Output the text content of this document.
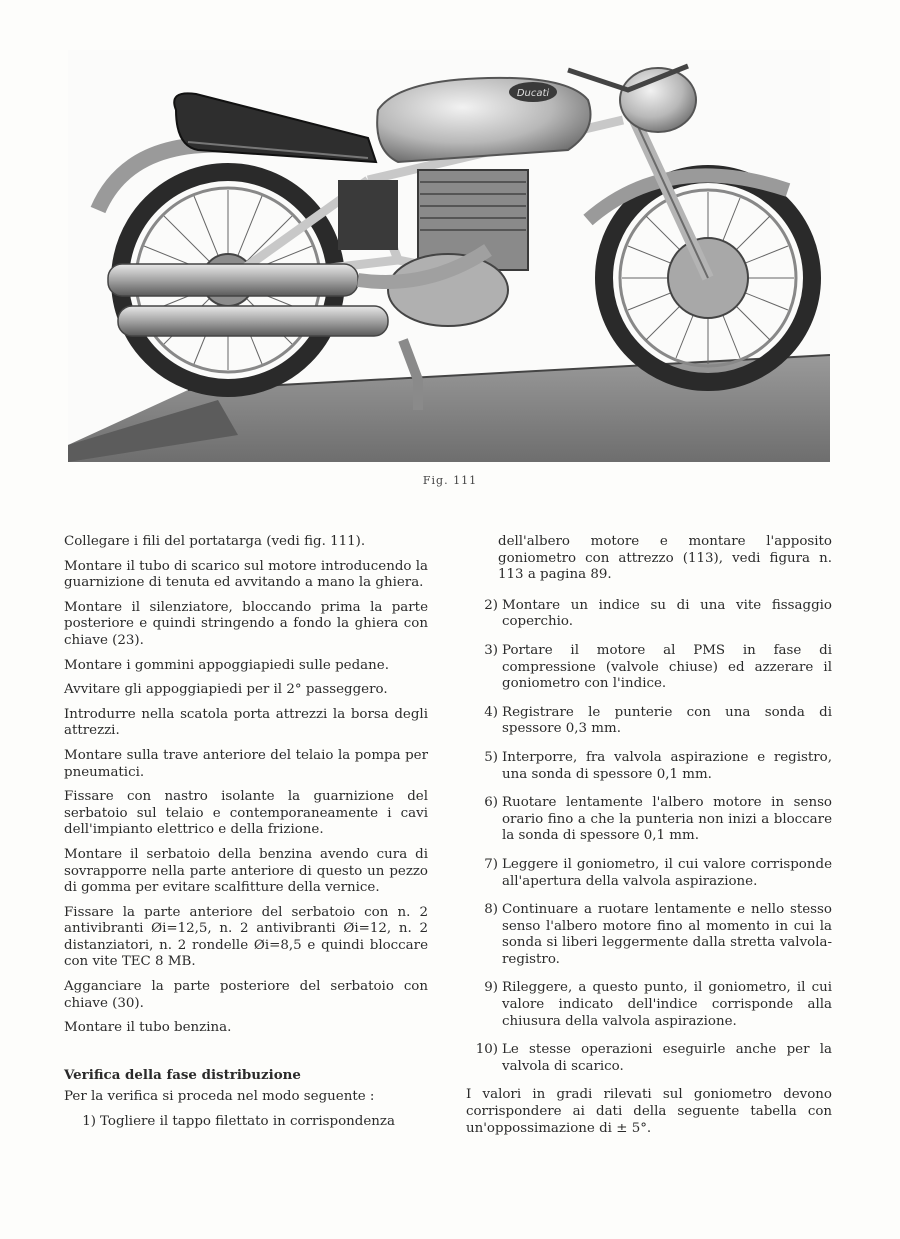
Ducati
Fig. 111

Collegare i fili del portatarga (vedi fig. 111).

Montare il tubo di scarico sul motore introducendo la guarnizione di tenuta ed avvitando a mano la ghiera.

Montare il silenziatore, bloccando prima la parte posteriore e quindi stringendo a fondo la ghiera con chiave (23).

Montare i gommini appoggiapiedi sulle pedane.

Avvitare gli appoggiapiedi per il 2° passeggero.

Introdurre nella scatola porta attrezzi la borsa degli attrezzi.

Montare sulla trave anteriore del telaio la pompa per pneumatici.

Fissare con nastro isolante la guarnizione del serbatoio sul telaio e contemporaneamente i cavi dell'impianto elettrico e della frizione.

Montare il serbatoio della benzina avendo cura di sovrapporre nella parte anteriore di questo un pezzo di gomma per evitare scalfitture della vernice.

Fissare la parte anteriore del serbatoio con n. 2 antivibranti Øi=12,5, n. 2 antivibranti Øi=12, n. 2 distanziatori, n. 2 rondelle Øi=8,5 e quindi bloccare con vite TEC 8 MB.

Agganciare la parte posteriore del serbatoio con chiave (30).

Montare il tubo benzina.

Verifica della fase distribuzione

Per la verifica si proceda nel modo seguente :

1) Togliere il tappo filettato in corrispondenza

dell'albero motore e montare l'apposito goniometro con attrezzo (113), vedi figura n. 113 a pagina 89.

2) Montare un indice su di una vite fissaggio coperchio.
3) Portare il motore al PMS in fase di compressione (valvole chiuse) ed azzerare il goniometro con l'indice.
4) Registrare le punterie con una sonda di spessore 0,3 mm.
5) Interporre, fra valvola aspirazione e registro, una sonda di spessore 0,1 mm.
6) Ruotare lentamente l'albero motore in senso orario fino a che la punteria non inizi a bloccare la sonda di spessore 0,1 mm.
7) Leggere il goniometro, il cui valore corrisponde all'apertura della valvola aspirazione.
8) Continuare a ruotare lentamente e nello stesso senso l'albero motore fino al momento in cui la sonda si liberi leggermente dalla stretta valvola-registro.
9) Rileggere, a questo punto, il goniometro, il cui valore indicato dell'indice corrisponde alla chiusura della valvola aspirazione.
10) Le stesse operazioni eseguirle anche per la valvola di scarico.

I valori in gradi rilevati sul goniometro devono corrispondere ai dati della seguente tabella con un'oppossimazione di ± 5°.
